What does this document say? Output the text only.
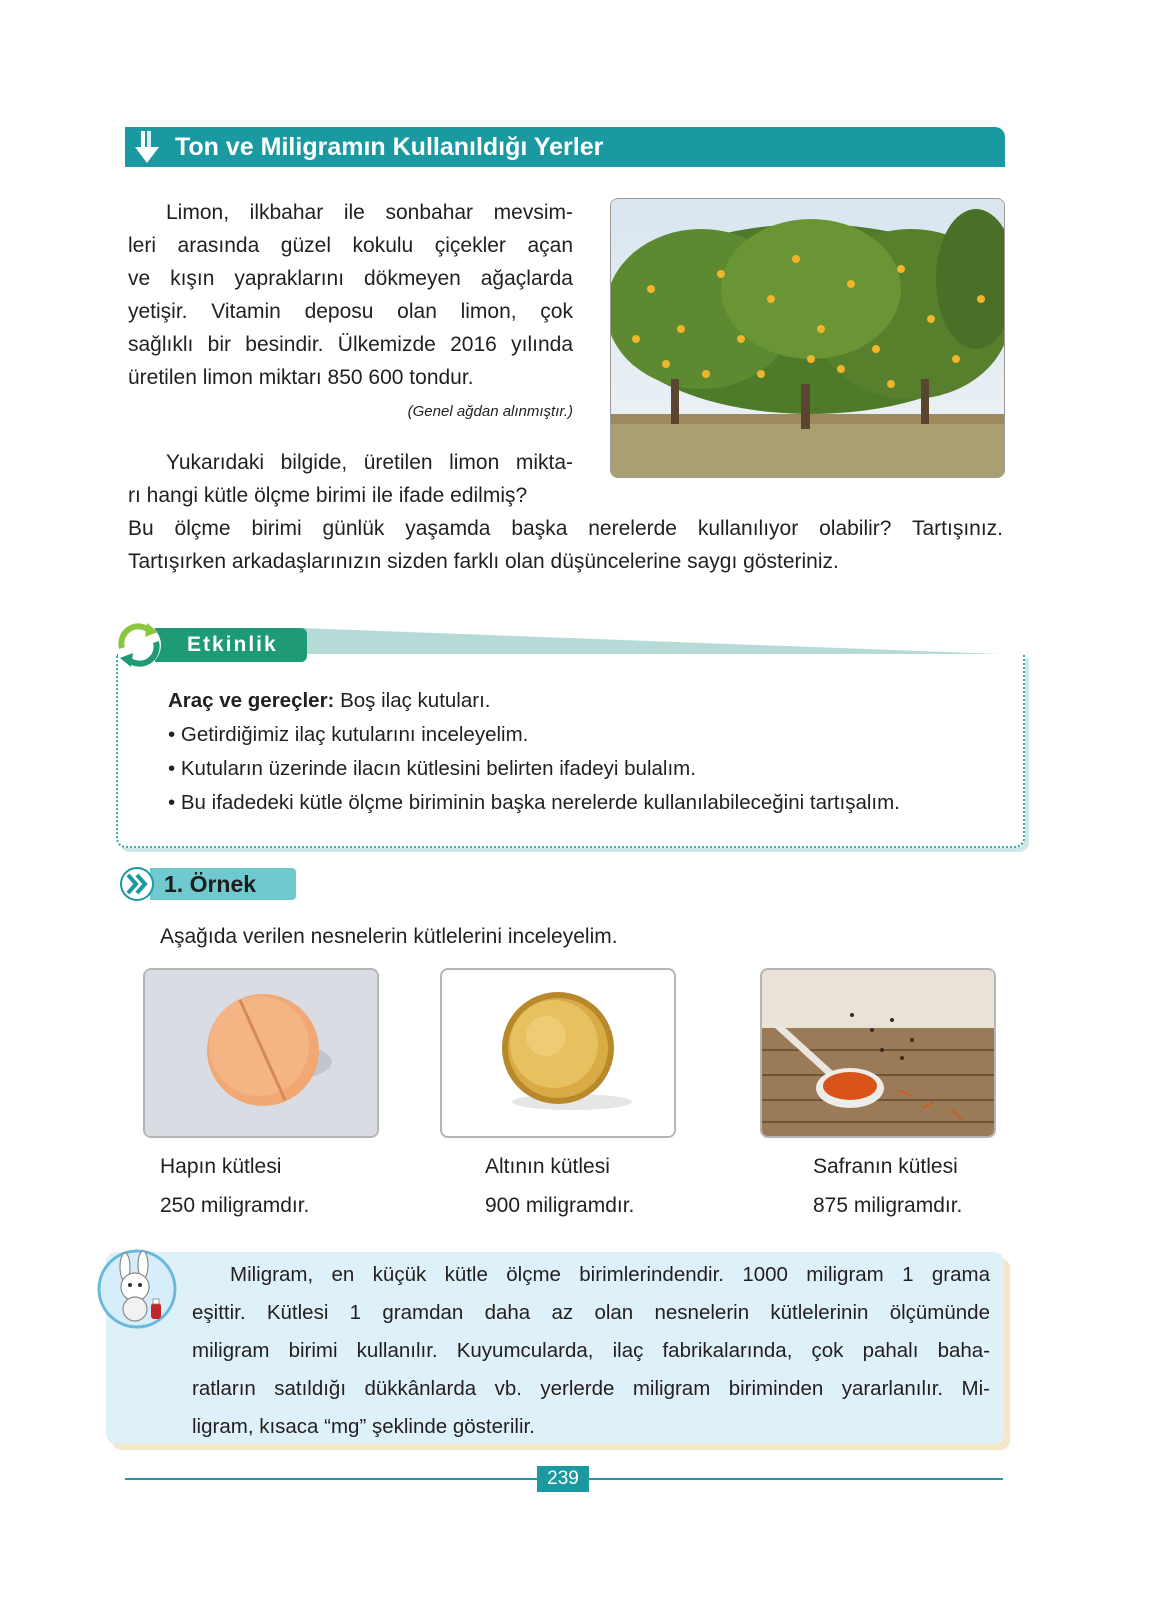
Ton ve Miligramın Kullanıldığı Yerler
Limon, ilkbahar ile sonbahar mevsim-
leri arasında güzel kokulu çiçekler açan
ve kışın yapraklarını dökmeyen ağaçlarda
yetişir. Vitamin deposu olan limon, çok
sağlıklı bir besindir. Ülkemizde 2016 yılında
üretilen limon miktarı 850 600 tondur.
(Genel ağdan alınmıştır.)
Yukarıdaki bilgide, üretilen limon mikta-
rı hangi kütle ölçme birimi ile ifade edilmiş?
Bu ölçme birimi günlük yaşamda başka nerelerde kullanılıyor olabilir? Tartışınız.
Tartışırken arkadaşlarınızın sizden farklı olan düşüncelerine saygı gösteriniz.
Etkinlik
Araç ve gereçler: Boş ilaç kutuları.
• Getirdiğimiz ilaç kutularını inceleyelim.
• Kutuların üzerinde ilacın kütlesini belirten ifadeyi bulalım.
• Bu ifadedeki kütle ölçme biriminin başka nerelerde kullanılabileceğini tartışalım.
1. Örnek
Aşağıda verilen nesnelerin kütlelerini inceleyelim.
Hapın kütlesi
250 miligramdır.
Altının kütlesi
900 miligramdır.
Safranın kütlesi
875 miligramdır.
Miligram, en küçük kütle ölçme birimlerindendir. 1000 miligram 1 grama
eşittir. Kütlesi 1 gramdan daha az olan nesnelerin kütlelerinin ölçümünde
miligram birimi kullanılır. Kuyumcularda, ilaç fabrikalarında, çok pahalı baha-
ratların satıldığı dükkânlarda vb. yerlerde miligram biriminden yararlanılır. Mi-
ligram, kısaca “mg” şeklinde gösterilir.
239
